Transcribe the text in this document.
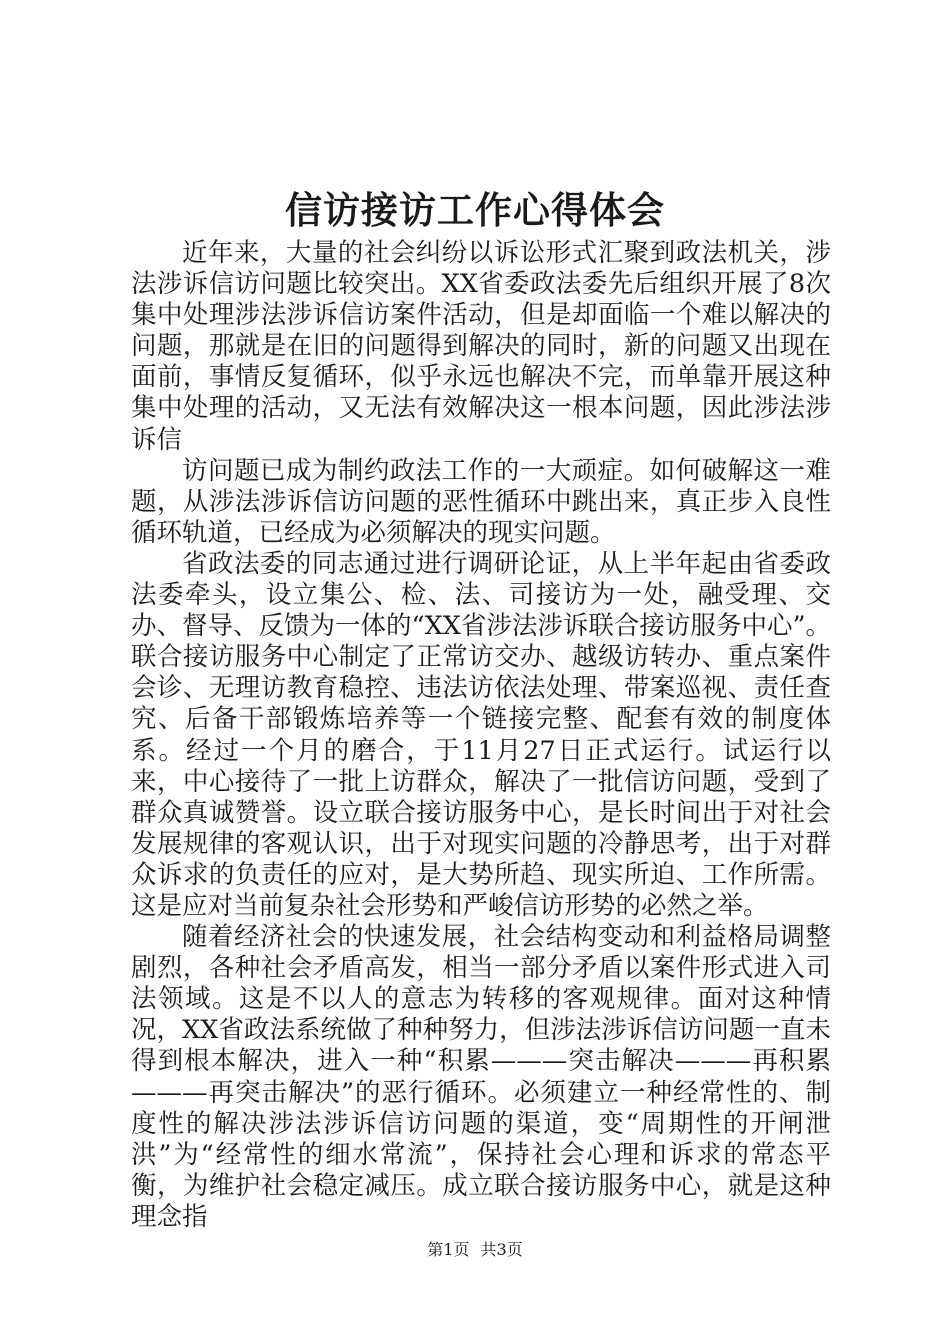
信访接访工作心得体会

近年来，大量的社会纠纷以诉讼形式汇聚到政法机关，涉法涉诉信访问题比较突出。XX省委政法委先后组织开展了8次集中处理涉法涉诉信访案件活动，但是却面临一个难以解决的问题，那就是在旧的问题得到解决的同时，新的问题又出现在面前，事情反复循环，似乎永远也解决不完，而单靠开展这种集中处理的活动，又无法有效解决这一根本问题，因此涉法涉诉信

访问题已成为制约政法工作的一大顽症。如何破解这一难题，从涉法涉诉信访问题的恶性循环中跳出来，真正步入良性循环轨道，已经成为必须解决的现实问题。

省政法委的同志通过进行调研论证，从上半年起由省委政法委牵头，设立集公、检、法、司接访为一处，融受理、交办、督导、反馈为一体的“XX省涉法涉诉联合接访服务中心”。联合接访服务中心制定了正常访交办、越级访转办、重点案件会诊、无理访教育稳控、违法访依法处理、带案巡视、责任查究、后备干部锻炼培养等一个链接完整、配套有效的制度体系。经过一个月的磨合，于11月27日正式运行。试运行以来，中心接待了一批上访群众，解决了一批信访问题，受到了群众真诚赞誉。设立联合接访服务中心，是长时间出于对社会发展规律的客观认识，出于对现实问题的冷静思考，出于对群众诉求的负责任的应对，是大势所趋、现实所迫、工作所需。这是应对当前复杂社会形势和严峻信访形势的必然之举。

随着经济社会的快速发展，社会结构变动和利益格局调整剧烈，各种社会矛盾高发，相当一部分矛盾以案件形式进入司法领域。这是不以人的意志为转移的客观规律。面对这种情况，XX省政法系统做了种种努力，但涉法涉诉信访问题一直未得到根本解决，进入一种“积累———突击解决———再积累———再突击解决”的恶行循环。必须建立一种经常性的、制度性的解决涉法涉诉信访问题的渠道，变“周期性的开闸泄洪”为“经常性的细水常流”，保持社会心理和诉求的常态平衡，为维护社会稳定减压。成立联合接访服务中心，就是这种理念指

第1页 共3页
